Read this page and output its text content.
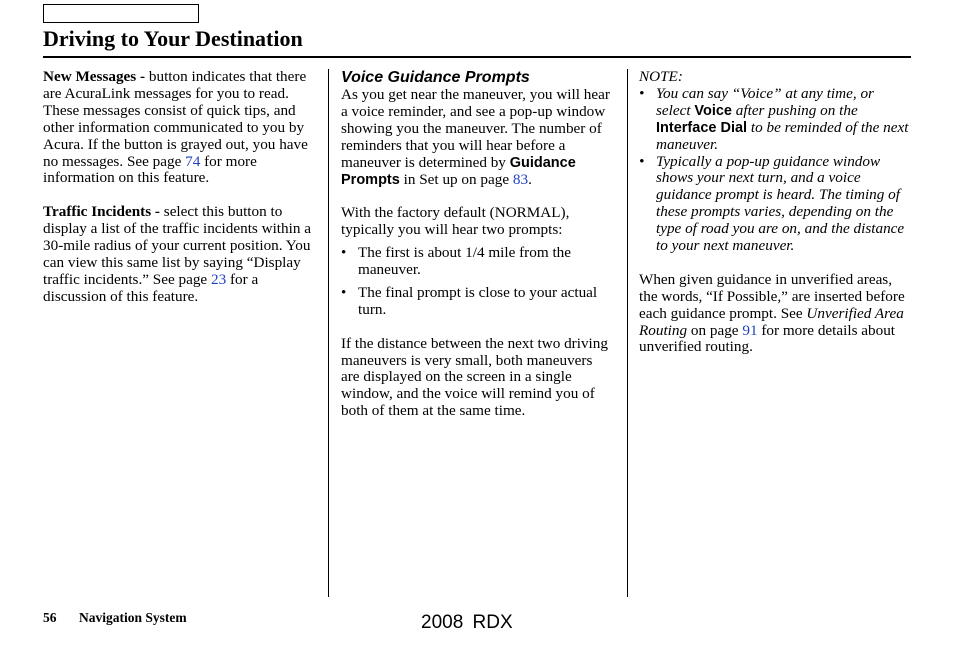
Driving to Your Destination

New Messages - button indicates that there are AcuraLink messages for you to read. These messages consist of quick tips, and other information communicated to you by Acura. If the button is grayed out, you have no messages. See page 74 for more information on this feature.

Traffic Incidents - select this button to display a list of the traffic incidents within a 30-mile radius of your current position. You can view this same list by saying “Display traffic incidents.” See page 23 for a discussion of this feature.

Voice Guidance Prompts

As you get near the maneuver, you will hear a voice reminder, and see a pop-up window showing you the maneuver. The number of reminders that you will hear before a maneuver is determined by Guidance Prompts in Set up on page 83.

With the factory default (NORMAL), typically you will hear two prompts:

• The first is about 1/4 mile from the maneuver.
• The final prompt is close to your actual turn.

If the distance between the next two driving maneuvers is very small, both maneuvers are displayed on the screen in a single window, and the voice will remind you of both of them at the same time.

NOTE:

• You can say “Voice” at any time, or select Voice after pushing on the Interface Dial to be reminded of the next maneuver.
• Typically a pop-up guidance window shows your next turn, and a voice guidance prompt is heard. The timing of these prompts varies, depending on the type of road you are on, and the distance to your next maneuver.

When given guidance in unverified areas, the words, “If Possible,” are inserted before each guidance prompt. See Unverified Area Routing on page 91 for more details about unverified routing.

56 Navigation System	2008 RDX
